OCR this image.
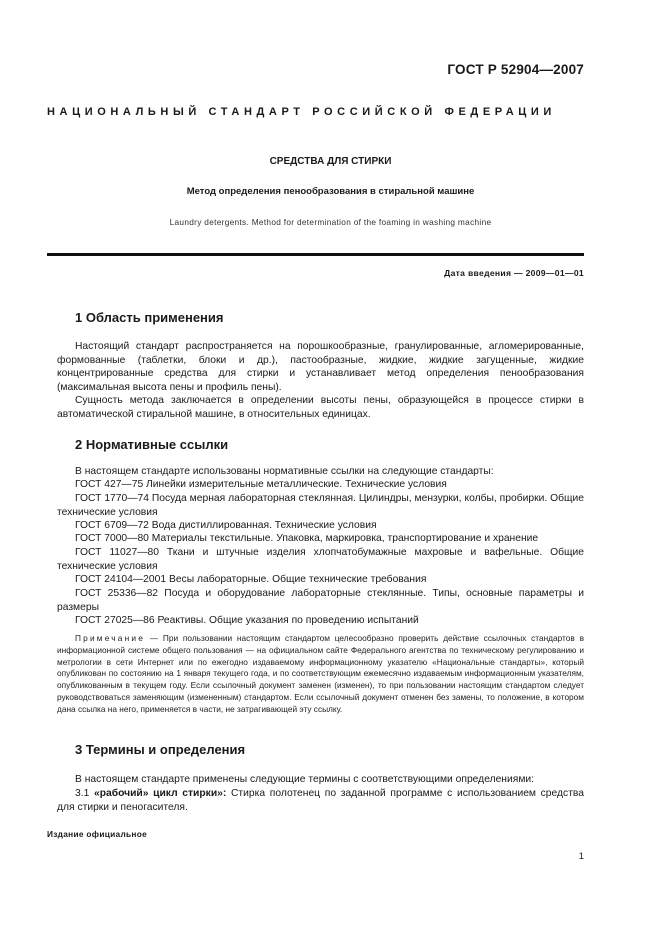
ГОСТ Р 52904—2007
НАЦИОНАЛЬНЫЙ СТАНДАРТ РОССИЙСКОЙ ФЕДЕРАЦИИ
СРЕДСТВА ДЛЯ СТИРКИ
Метод определения пенообразования в стиральной машине
Laundry detergents. Method for determination of the foaming in washing machine
Дата введения — 2009—01—01
1 Область применения

Настоящий стандарт распространяется на порошкообразные, гранулированные, агломерированные, формованные (таблетки, блоки и др.), пастообразные, жидкие, жидкие загущенные, жидкие концентрированные средства для стирки и устанавливает метод определения пенообразования (максимальная высота пены и профиль пены).

Сущность метода заключается в определении высоты пены, образующейся в процессе стирки в автоматической стиральной машине, в относительных единицах.

2 Нормативные ссылки

В настоящем стандарте использованы нормативные ссылки на следующие стандарты:

ГОСТ 427—75 Линейки измерительные металлические. Технические условия

ГОСТ 1770—74 Посуда мерная лабораторная стеклянная. Цилиндры, мензурки, колбы, пробирки. Общие технические условия

ГОСТ 6709—72 Вода дистиллированная. Технические условия

ГОСТ 7000—80 Материалы текстильные. Упаковка, маркировка, транспортирование и хранение

ГОСТ 11027—80 Ткани и штучные изделия хлопчатобумажные махровые и вафельные. Общие технические условия

ГОСТ 24104—2001 Весы лабораторные. Общие технические требования

ГОСТ 25336—82 Посуда и оборудование лабораторные стеклянные. Типы, основные параметры и размеры

ГОСТ 27025—86 Реактивы. Общие указания по проведению испытаний

Примечание — При пользовании настоящим стандартом целесообразно проверить действие ссылочных стандартов в информационной системе общего пользования — на официальном сайте Федерального агентства по техническому регулированию и метрологии в сети Интернет или по ежегодно издаваемому информационному указателю «Национальные стандарты», который опубликован по состоянию на 1 января текущего года, и по соответствующим ежемесячно издаваемым информационным указателям, опубликованным в текущем году. Если ссылочный документ заменен (изменен), то при пользовании настоящим стандартом следует руководствоваться заменяющим (измененным) стандартом. Если ссылочный документ отменен без замены, то положение, в котором дана ссылка на него, применяется в части, не затрагивающей эту ссылку.

3 Термины и определения

В настоящем стандарте применены следующие термины с соответствующими определениями:

3.1 «рабочий» цикл стирки»: Стирка полотенец по заданной программе с использованием средства для стирки и пеногасителя.

Издание официальное
1
